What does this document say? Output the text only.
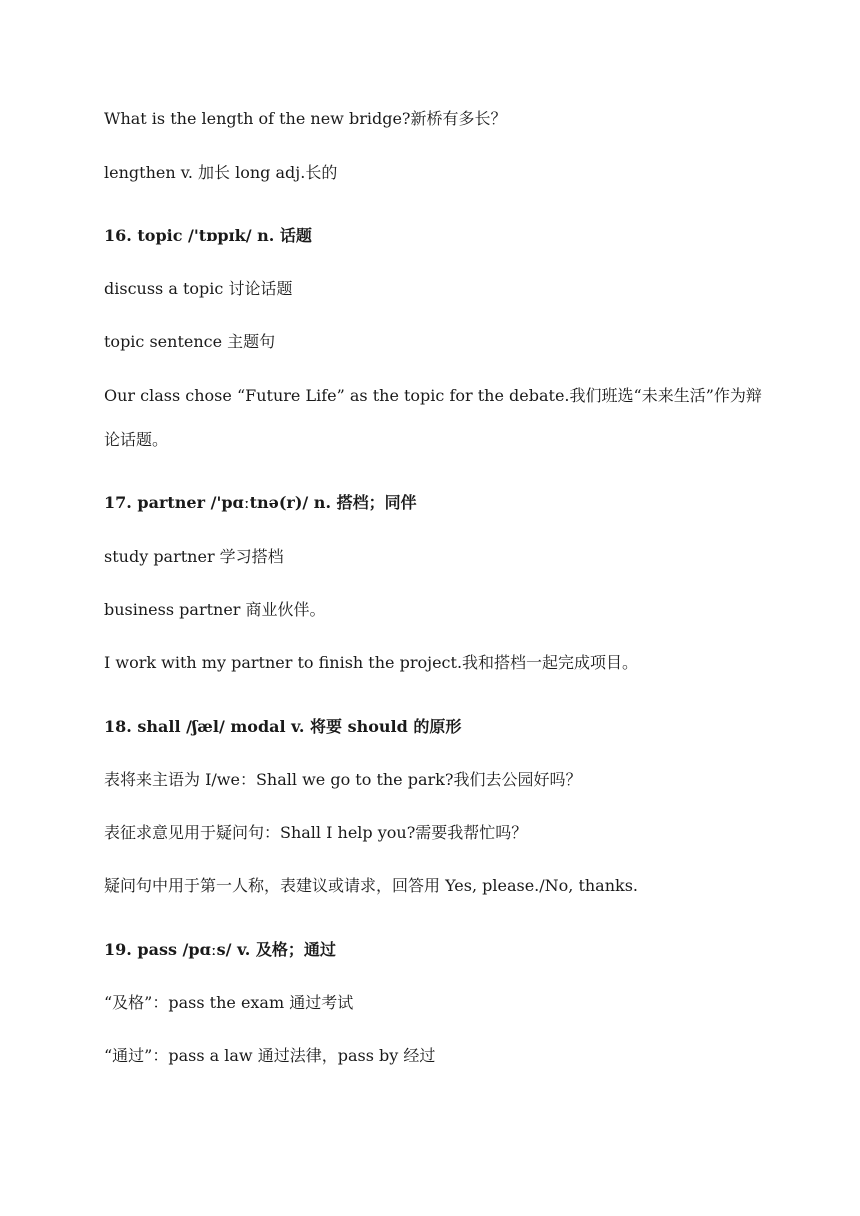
What is the length of the new bridge?新桥有多长？
lengthen v. 加长 long adj.长的
16. topic /'tɒpɪk/ n. 话题
discuss a topic 讨论话题
topic sentence 主题句
Our class chose “Future Life” as the topic for the debate.我们班选“未来生活”作为辩论话题。
17. partner /'pɑːtnə(r)/ n. 搭档；同伴
study partner 学习搭档
business partner 商业伙伴。
I work with my partner to finish the project.我和搭档一起完成项目。
18. shall /ʃæl/ modal v. 将要 should 的原形
表将来主语为 I/we：Shall we go to the park?我们去公园好吗？
表征求意见用于疑问句：Shall I help you?需要我帮忙吗？
疑问句中用于第一人称，表建议或请求，回答用 Yes, please./No, thanks.
19. pass /pɑːs/ v. 及格；通过
“及格”：pass the exam 通过考试
“通过”：pass a law 通过法律，pass by 经过
